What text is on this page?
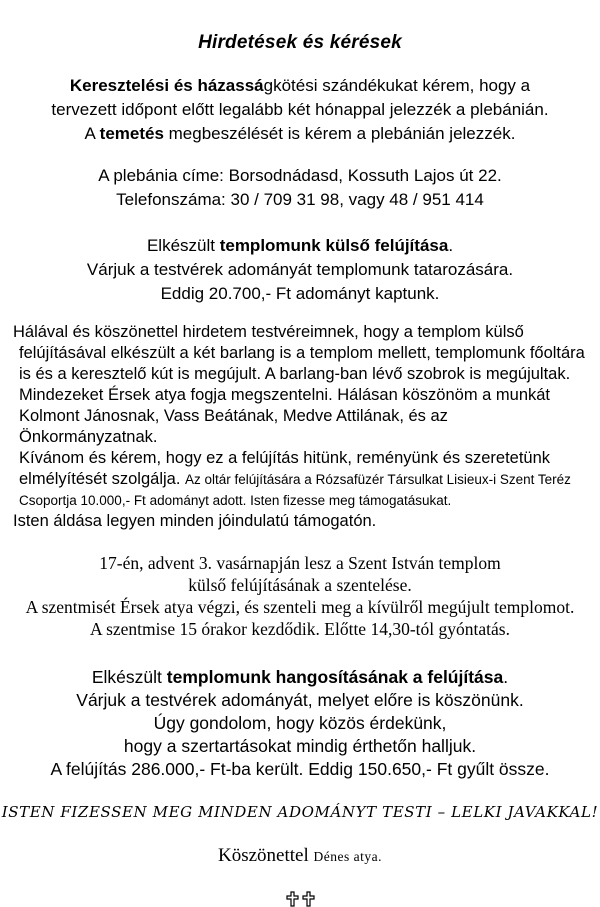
Hirdetések és kérések
Keresztelési és házasságkötési szándékukat kérem, hogy a
tervezett időpont előtt legalább két hónappal jelezzék a plebánián.
A temetés megbeszélését is kérem a plebánián jelezzék.
A plebánia címe: Borsodnádasd, Kossuth Lajos út 22.
Telefonszáma: 30 / 709 31 98, vagy 48 / 951 414
Elkészült templomunk külső felújítása.
Várjuk a testvérek adományát templomunk tatarozására.
Eddig 20.700,- Ft adományt kaptunk.
Hálával és köszönettel hirdetem testvéreimnek, hogy a templom külső
felújításával elkészült a két barlang is a templom mellett, templomunk főoltára
is és a keresztelő kút is megújult. A barlang-ban lévő szobrok is megújultak.
Mindezeket Érsek atya fogja megszentelni. Hálásan köszönöm a munkát
Kolmont Jánosnak, Vass Beátának, Medve Attilának, és az Önkormányzatnak.
Kívánom és kérem, hogy ez a felújítás hitünk, reményünk és szeretetünk
elmélyítését szolgálja. Az oltár felújítására a Rózsafüzér Társulkat Lisieux-i Szent Teréz
Csoportja 10.000,- Ft adományt adott. Isten fizesse meg támogatásukat.
Isten áldása legyen minden jóindulatú támogatón.
17-én, advent 3. vasárnapján lesz a Szent István templom
külső felújításának a szentelése.
A szentmisét Érsek atya végzi, és szenteli meg a kívülről megújult templomot.
A szentmise 15 órakor kezdődik. Előtte 14,30-tól gyóntatás.
Elkészült templomunk hangosításának a felújítása.
Várjuk a testvérek adományát, melyet előre is köszönünk.
Úgy gondolom, hogy közös érdekünk,
hogy a szertartásokat mindig érthetőn halljuk.
A felújítás 286.000,- Ft-ba került. Eddig 150.650,- Ft gyűlt össze.
ISTEN FIZESSEN MEG MINDEN ADOMÁNYT TESTI – LELKI JAVAKKAL!
Köszönettel Dénes atya.
